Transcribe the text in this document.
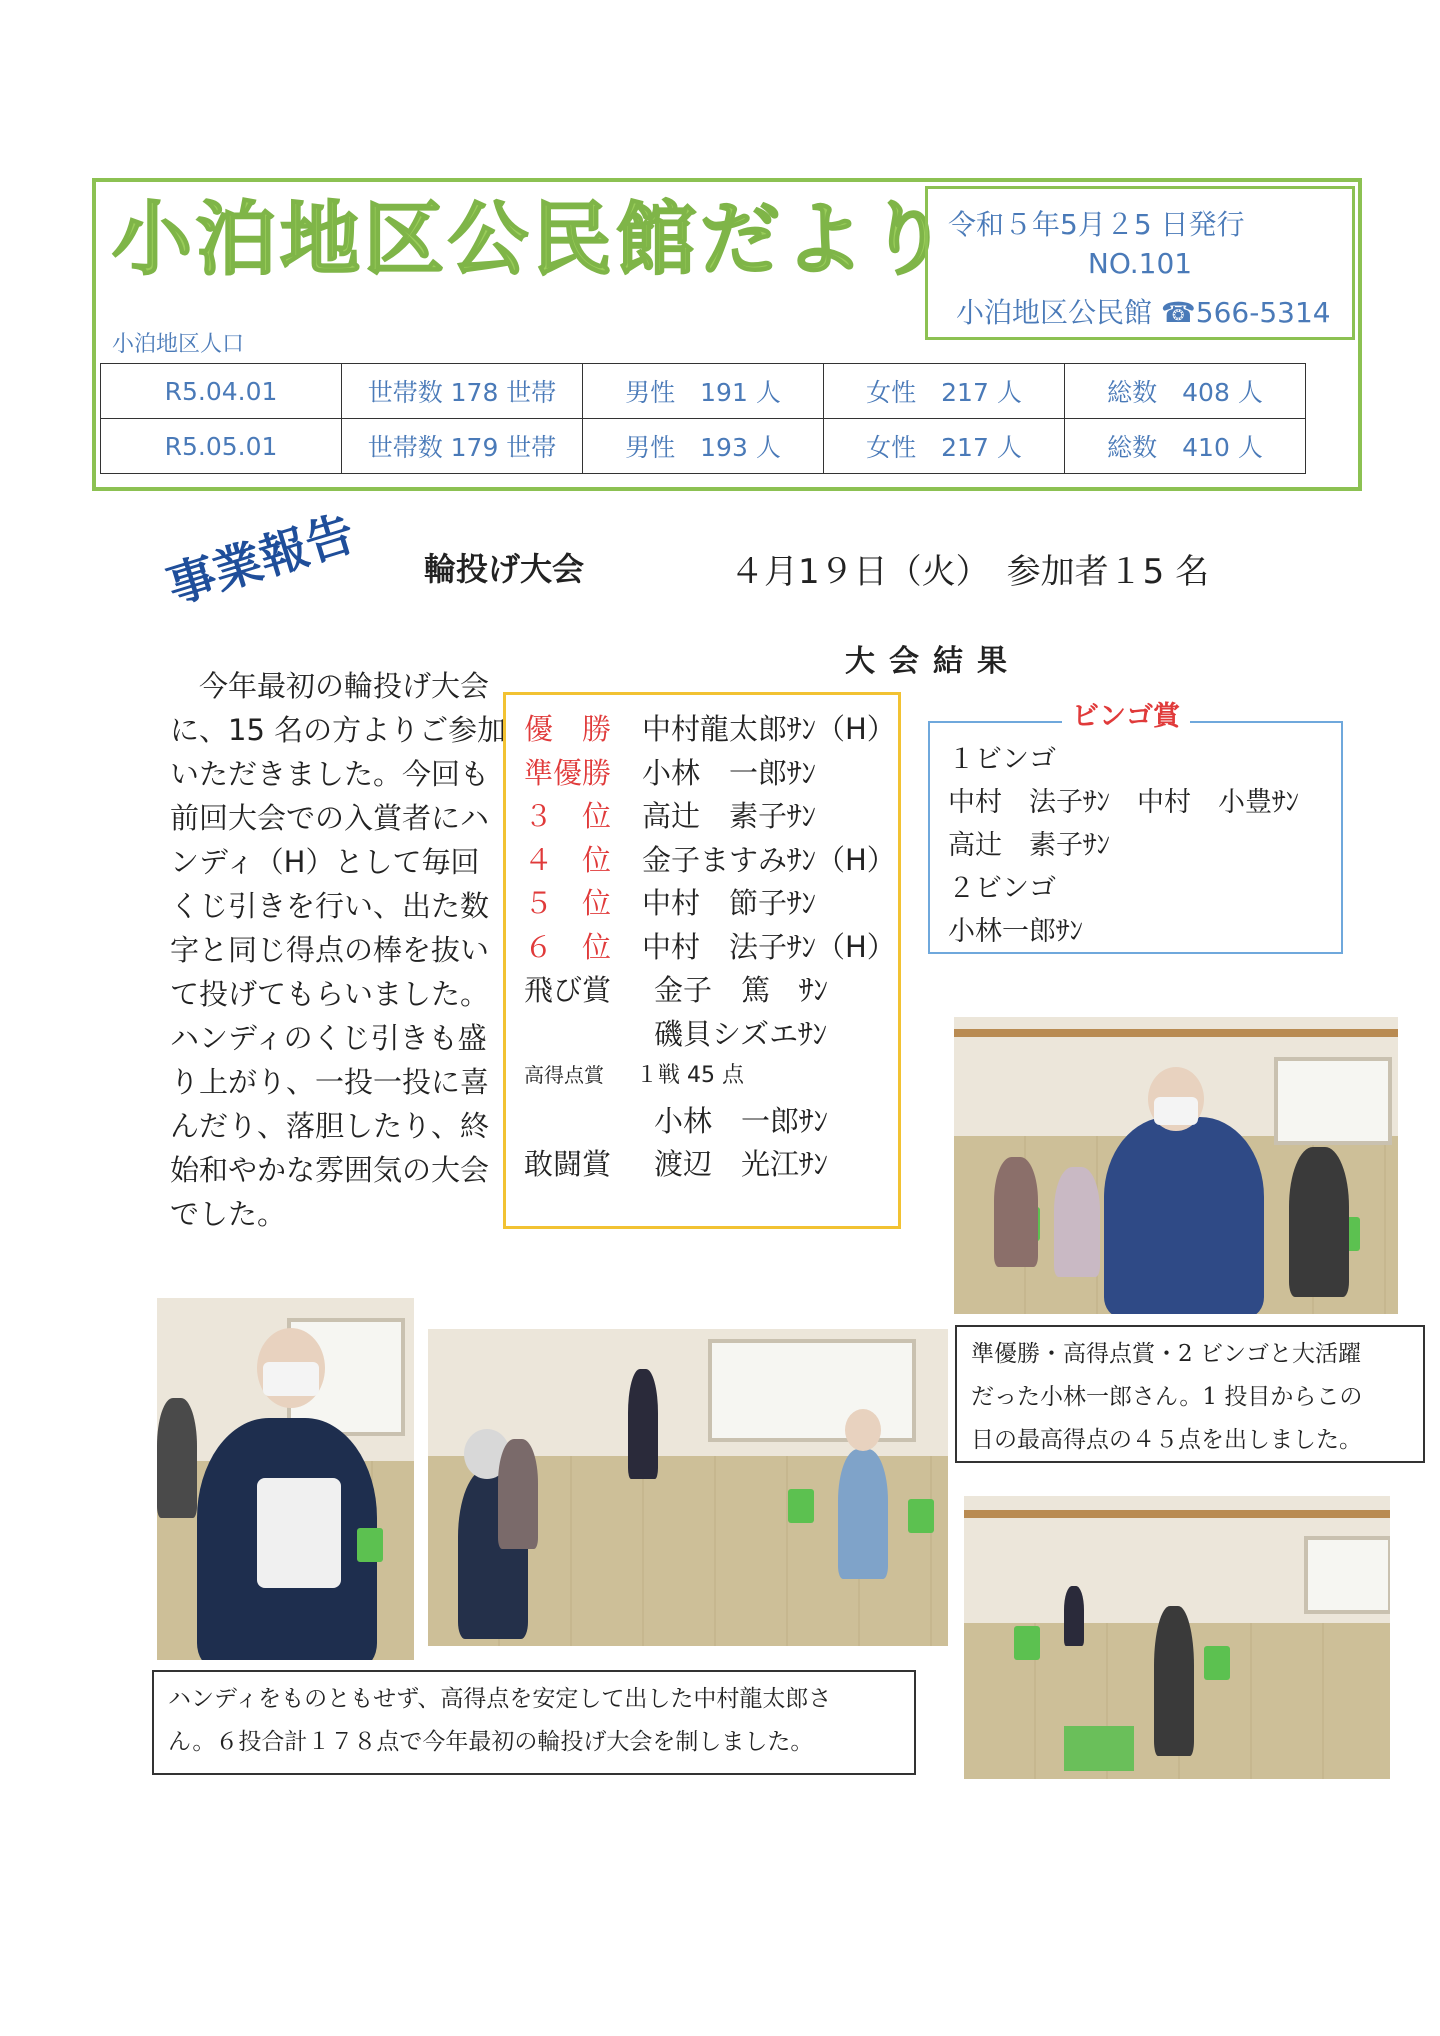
小泊地区公民館だより
令和５年5月２5 日発行
NO.101
小泊地区公民館 ☎566-5314
小泊地区人口
R5.04.01	世帯数 178 世帯	男性　191 人	女性　217 人	総数　408 人
R5.05.01	世帯数 179 世帯	男性　193 人	女性　217 人	総数　410 人
事業報告 輪投げ大会	４月1９日（火）　参加者１5 名
大会結果
　今年最初の輪投げ大会
に、15 名の方よりご参加
いただきました。今回も
前回大会での入賞者にハ
ンディ（H）として毎回
くじ引きを行い、出た数
字と同じ得点の棒を抜い
て投げてもらいました。
ハンディのくじ引きも盛
り上がり、一投一投に喜
んだり、落胆したり、終
始和やかな雰囲気の大会
でした。
優　勝 中村龍太郎ｻﾝ（H）
準優勝 小林　一郎ｻﾝ
３　位 高辻　素子ｻﾝ
４　位 金子ますみｻﾝ（H）
５　位 中村　節子ｻﾝ
６　位 中村　法子ｻﾝ（H）
飛び賞 金子　篤　ｻﾝ
磯貝シズエｻﾝ
高得点賞 １戦 45 点
小林　一郎ｻﾝ
敢闘賞 渡辺　光江ｻﾝ
１ビンゴ
中村　法子ｻﾝ　中村　小豊ｻﾝ
高辻　素子ｻﾝ
２ビンゴ
小林一郎ｻﾝ
ビンゴ賞
準優勝・高得点賞・2 ビンゴと大活躍
だった小林一郎さん。1 投目からこの
日の最高得点の４５点を出しました。
ハンディをものともせず、高得点を安定して出した中村龍太郎さ
ん。６投合計１７８点で今年最初の輪投げ大会を制しました。
